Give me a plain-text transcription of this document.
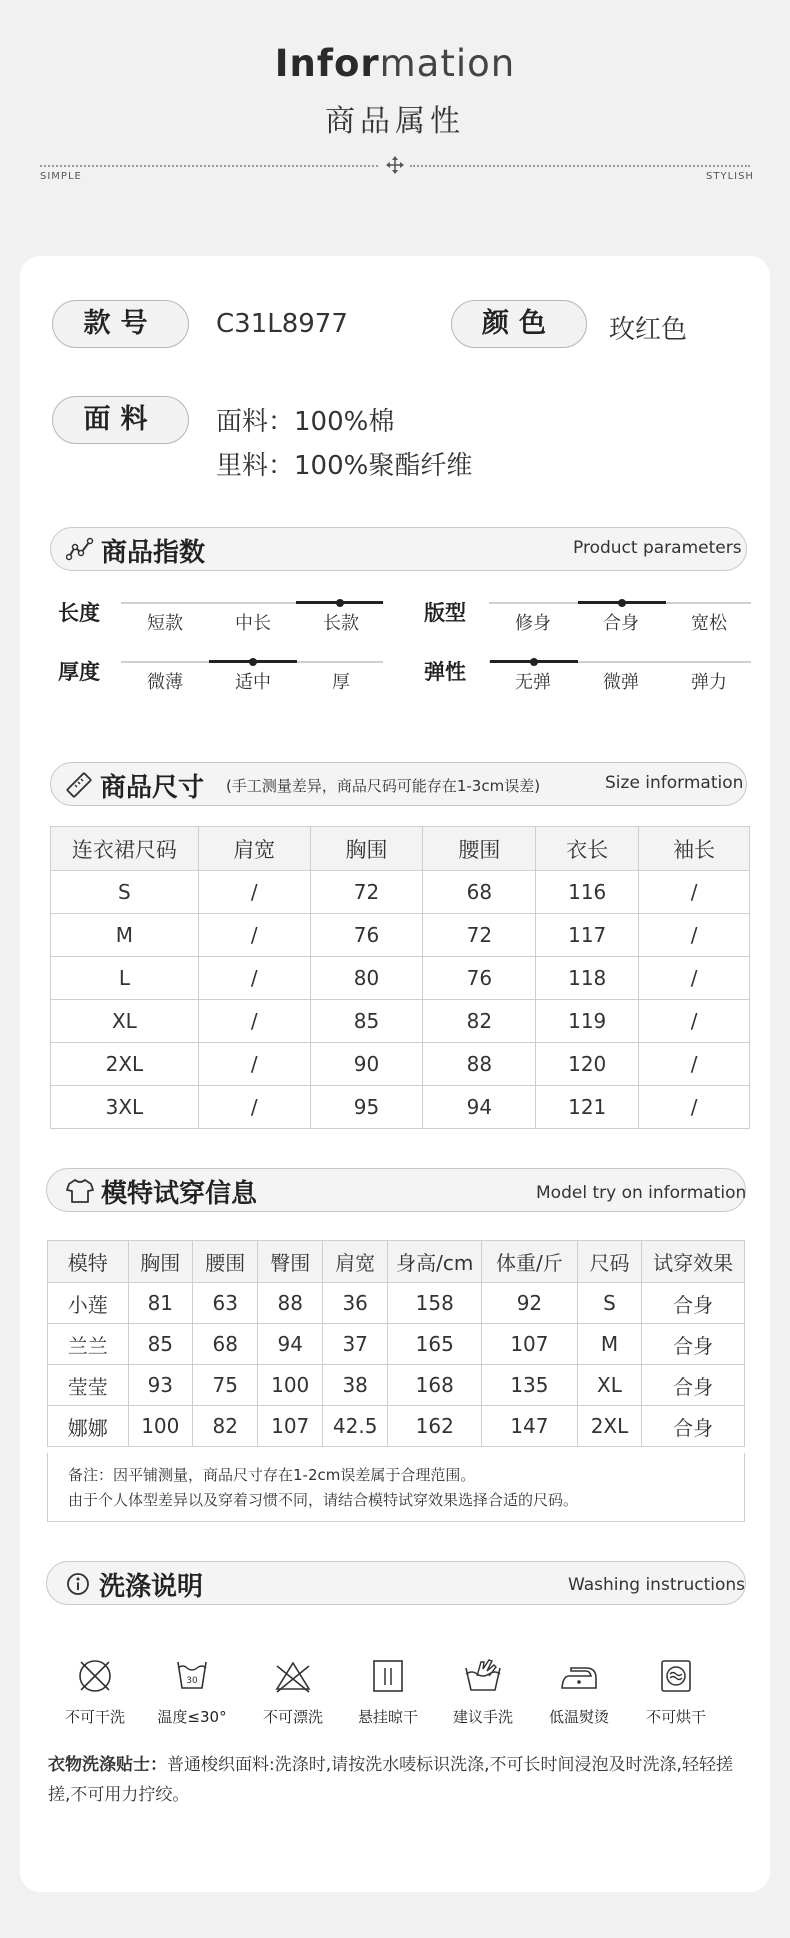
Information
商品属性
SIMPLE	STYLISH
款号	C31L8977	颜色	玫红色
面料	面料：100%棉
里料：100%聚酯纤维
商品指数	Product parameters
长度	短款	中长	长款	版型	修身	合身	宽松
厚度	微薄	适中	厚	弹性	无弹	微弹	弹力
商品尺寸 (手工测量差异，商品尺码可能存在1-3cm误差)	Size information
连衣裙尺码	肩宽	胸围	腰围	衣长	袖长
S	/	72	68	116	/
M	/	76	72	117	/
L	/	80	76	118	/
XL	/	85	82	119	/
2XL	/	90	88	120	/
3XL	/	95	94	121	/
模特试穿信息	Model try on information
模特	胸围	腰围	臀围	肩宽	身高/cm	体重/斤	尺码	试穿效果
小莲	81	63	88	36	158	92	S	合身
兰兰	85	68	94	37	165	107	M	合身
莹莹	93	75	100	38	168	135	XL	合身
娜娜	100	82	107	42.5	162	147	2XL	合身
备注：因平铺测量，商品尺寸存在1-2cm误差属于合理范围。
由于个人体型差异以及穿着习惯不同，请结合模特试穿效果选择合适的尺码。
洗涤说明	Washing instructions
不可干洗
30
温度≤30°	不可漂洗	悬挂晾干	建议手洗	低温熨烫	不可烘干
衣物洗涤贴士：普通梭织面料:洗涤时,请按洗水唛标识洗涤,不可长时间浸泡及时洗涤,轻轻搓搓,不可用力拧绞。
